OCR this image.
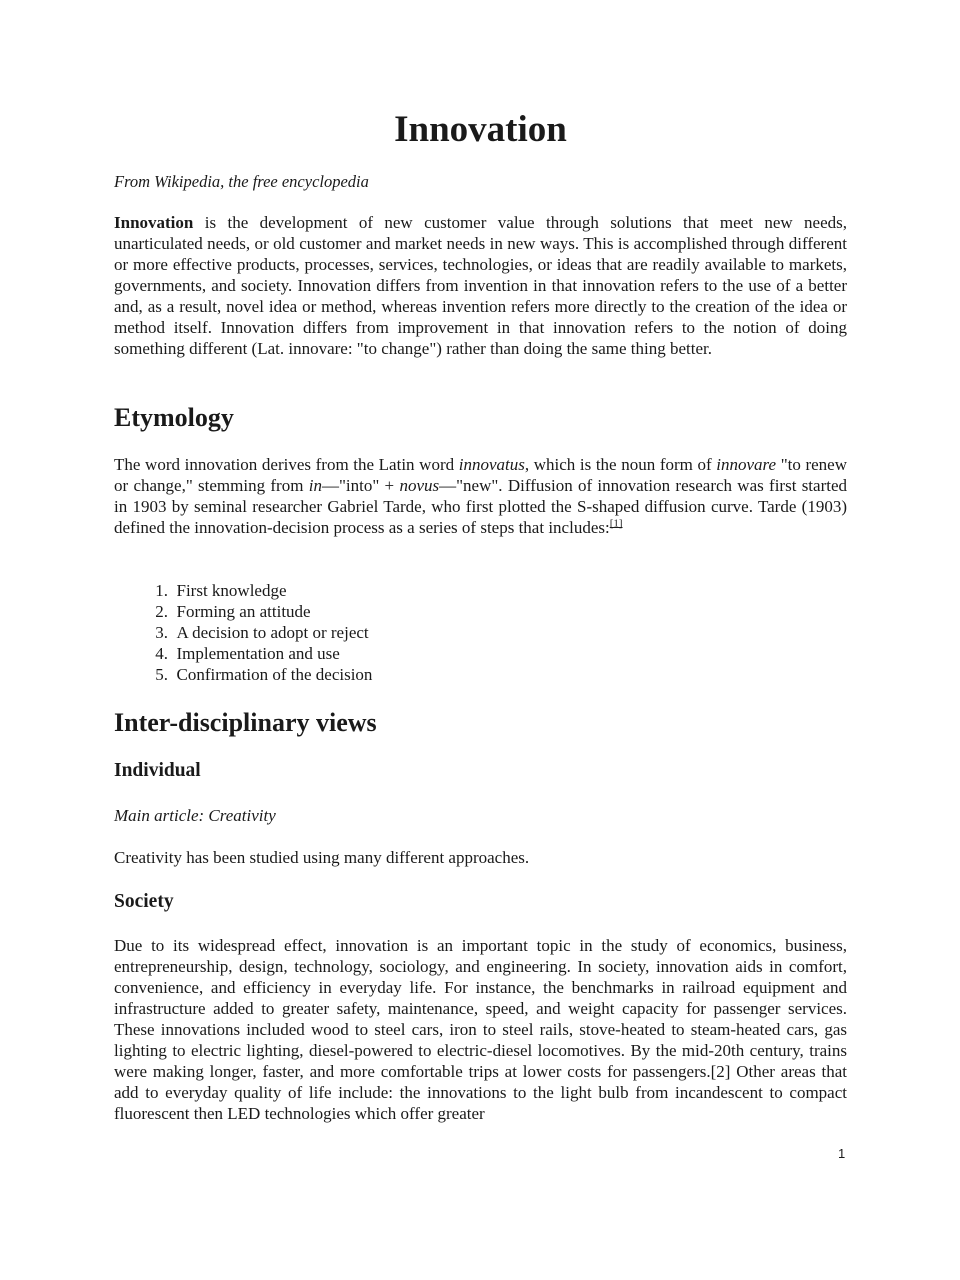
Innovation

From Wikipedia, the free encyclopedia

Innovation is the development of new customer value through solutions that meet new needs, unarticulated needs, or old customer and market needs in new ways. This is accomplished through different or more effective products, processes, services, technologies, or ideas that are readily available to markets, governments, and society. Innovation differs from invention in that innovation refers to the use of a better and, as a result, novel idea or method, whereas invention refers more directly to the creation of the idea or method itself. Innovation differs from improvement in that innovation refers to the notion of doing something different (Lat. innovare: "to change") rather than doing the same thing better.

Etymology

The word innovation derives from the Latin word innovatus, which is the noun form of innovare "to renew or change," stemming from in—"into" + novus—"new". Diffusion of innovation research was first started in 1903 by seminal researcher Gabriel Tarde, who first plotted the S-shaped diffusion curve. Tarde (1903) defined the innovation-decision process as a series of steps that includes:[1]

1.
First knowledge
2.
Forming an attitude
3.
A decision to adopt or reject
4.
Implementation and use
5.
Confirmation of the decision
Inter-disciplinary views
Individual

Main article: Creativity

Creativity has been studied using many different approaches.

Society

Due to its widespread effect, innovation is an important topic in the study of economics, business, entrepreneurship, design, technology, sociology, and engineering. In society, innovation aids in comfort, convenience, and efficiency in everyday life. For instance, the benchmarks in railroad equipment and infrastructure added to greater safety, maintenance, speed, and weight capacity for passenger services. These innovations included wood to steel cars, iron to steel rails, stove-heated to steam-heated cars, gas lighting to electric lighting, diesel-powered to electric-diesel locomotives. By the mid-20th century, trains were making longer, faster, and more comfortable trips at lower costs for passengers.[2] Other areas that add to everyday quality of life include: the innovations to the light bulb from incandescent to compact fluorescent then LED technologies which offer greater

1
